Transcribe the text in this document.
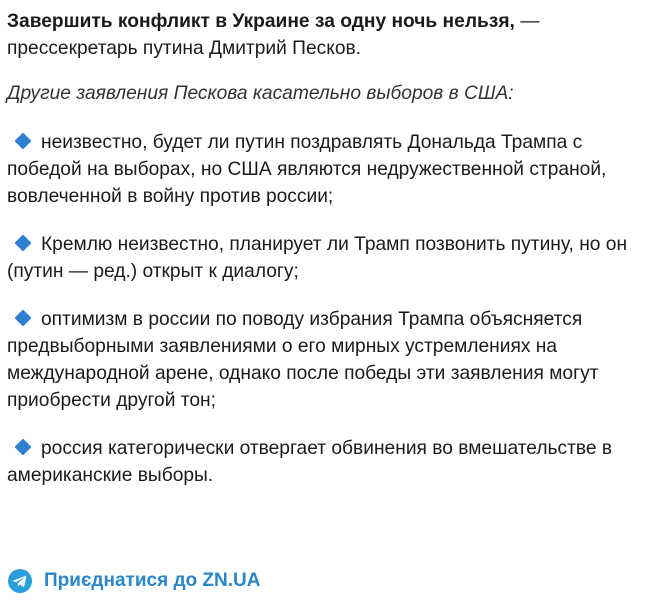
Завершить конфликт в Украине за одну ночь нельзя, — прессекретарь путина Дмитрий Песков.

Другие заявления Пескова касательно выборов в США:

неизвестно, будет ли путин поздравлять Дональда Трампа с победой на выборах, но США являются недружественной страной, вовлеченной в войну против россии;
Кремлю неизвестно, планирует ли Трамп позвонить путину, но он (путин — ред.) открыт к диалогу;
оптимизм в россии по поводу избрания Трампа объясняется предвыборными заявлениями о его мирных устремлениях на международной арене, однако после победы эти заявления могут приобрести другой тон;
россия категорически отвергает обвинения во вмешательстве в американские выборы.
Приєднатися до ZN.UA
